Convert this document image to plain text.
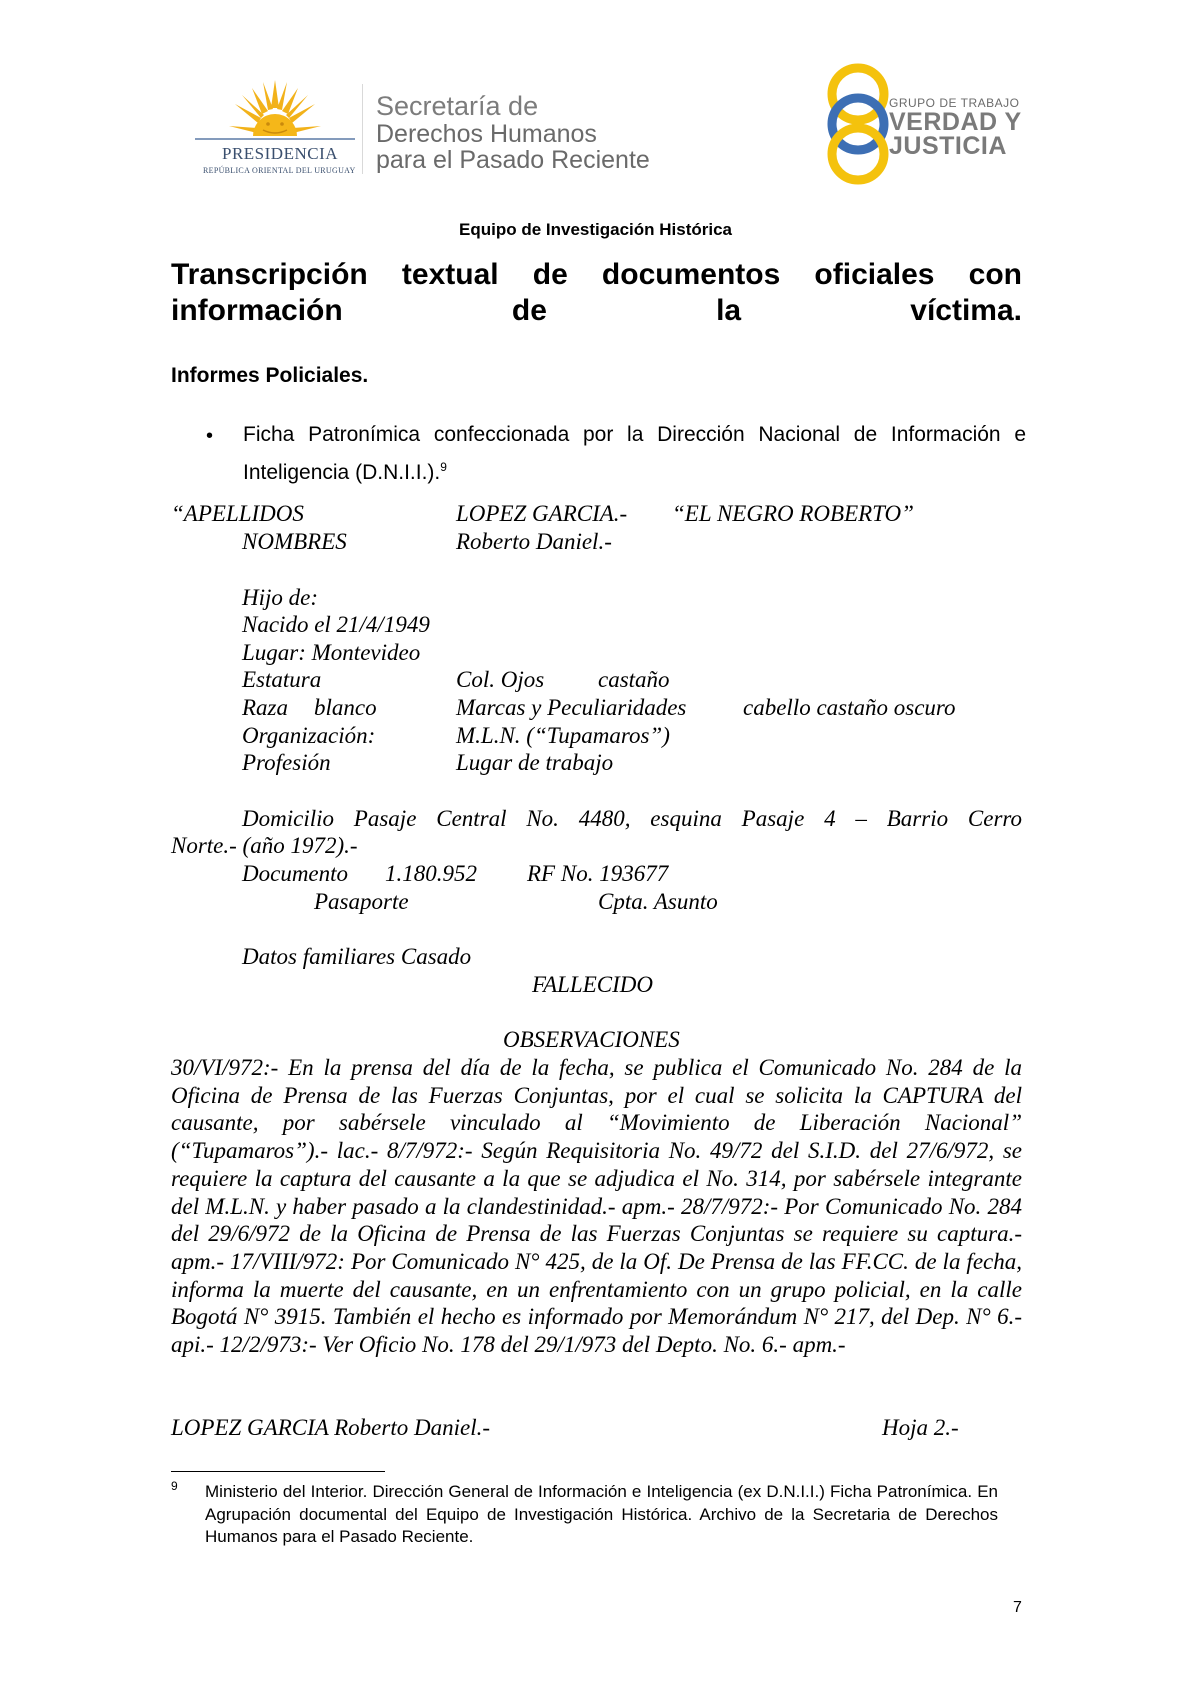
PRESIDENCIA
REPÚBLICA ORIENTAL DEL URUGUAY
Secretaría de
Derechos Humanos
para el Pasado Reciente
GRUPO DE TRABAJO
VERDAD Y
JUSTICIA
Equipo de Investigación Histórica
Transcripción textual de documentos oficiales con información de la víctima.
Informes Policiales.
• Ficha Patronímica confeccionada por la Dirección Nacional de Información e Inteligencia (D.N.I.I.).$^9$
“APELLIDOS	LOPEZ GARCIA.- “EL NEGRO ROBERTO”
NOMBRES	Roberto Daniel.-
Hijo de:
Nacido el 21/4/1949
Lugar: Montevideo
Estatura	Col. Ojos castaño
Raza blanco	Marcas y Peculiaridades cabello castaño oscuro
Organización:	M.L.N. (“Tupamaros”)
Profesión	Lugar de trabajo
Domicilio Pasaje Central No. 4480, esquina Pasaje 4 – Barrio Cerro
Norte.- (año 1972).-
Documento 1.180.952 RF No. 193677
Pasaporte	Cpta. Asunto
Datos familiares Casado
FALLECIDO
OBSERVACIONES
30/VI/972:- En la prensa del día de la fecha, se publica el Comunicado No. 284 de la Oficina de Prensa de las Fuerzas Conjuntas, por el cual se solicita la CAPTURA del causante, por sabérsele vinculado al “Movimiento de Liberación Nacional” (“Tupamaros”).- lac.- 8/7/972:- Según Requisitoria No. 49/72 del S.I.D. del 27/6/972, se requiere la captura del causante a la que se adjudica el No. 314, por sabérsele integrante del M.L.N. y haber pasado a la clandestinidad.- apm.- 28/7/972:- Por Comunicado No. 284 del 29/6/972 de la Oficina de Prensa de las Fuerzas Conjuntas se requiere su captura.- apm.- 17/VIII/972: Por Comunicado N° 425, de la Of. De Prensa de las FF.CC. de la fecha, informa la muerte del causante, en un enfrentamiento con un grupo policial, en la calle Bogotá N° 3915. También el hecho es informado por Memorándum N° 217, del Dep. N° 6.- api.- 12/2/973:- Ver Oficio No. 178 del 29/1/973 del Depto. No. 6.- apm.-
LOPEZ GARCIA Roberto Daniel.-	Hoja 2.-
9 Ministerio del Interior. Dirección General de Información e Inteligencia (ex D.N.I.I.) Ficha Patronímica. En Agrupación documental del Equipo de Investigación Histórica. Archivo de la Secretaria de Derechos Humanos para el Pasado Reciente.
7
